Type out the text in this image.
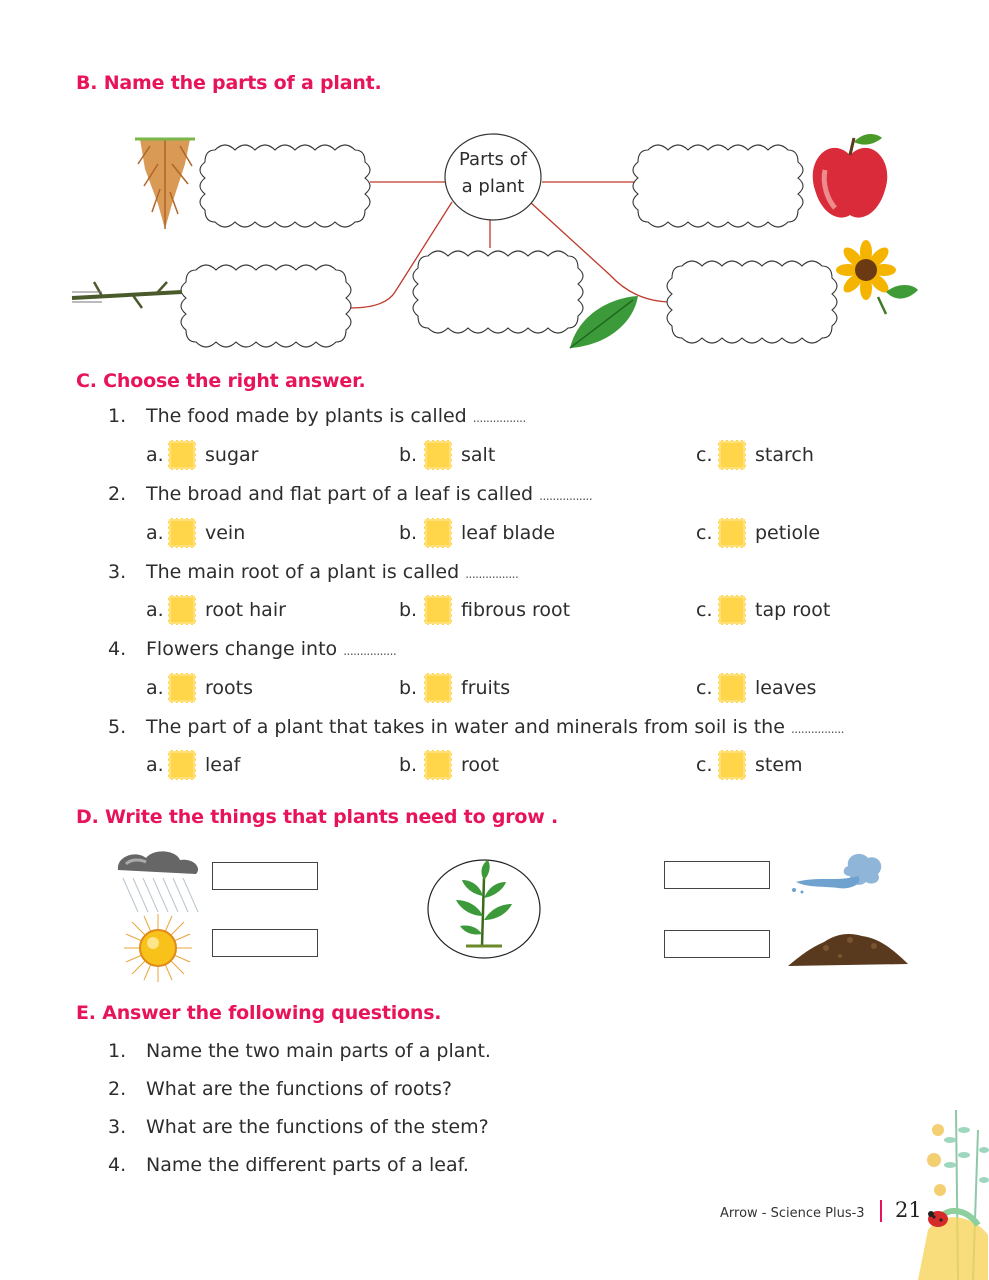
B. Name the parts of a plant.
Parts of
a plant
C. Choose the right answer.
1.	The food made by plants is called ................
a. sugar	b. salt	c. starch
2.	The broad and flat part of a leaf is called ................
a. vein	b. leaf blade	c. petiole
3.	The main root of a plant is called ................
a. root hair	b. fibrous root	c. tap root
4.	Flowers change into ................
a. roots	b. fruits	c. leaves
5.	The part of a plant that takes in water and minerals from soil is the ................
a. leaf	b. root	c. stem
D. Write the things that plants need to grow .
E. Answer the following questions.
1.	Name the two main parts of a plant.
2.	What are the functions of roots?
3.	What are the functions of the stem?
4.	Name the different parts of a leaf.
Arrow - Science Plus-3 21
